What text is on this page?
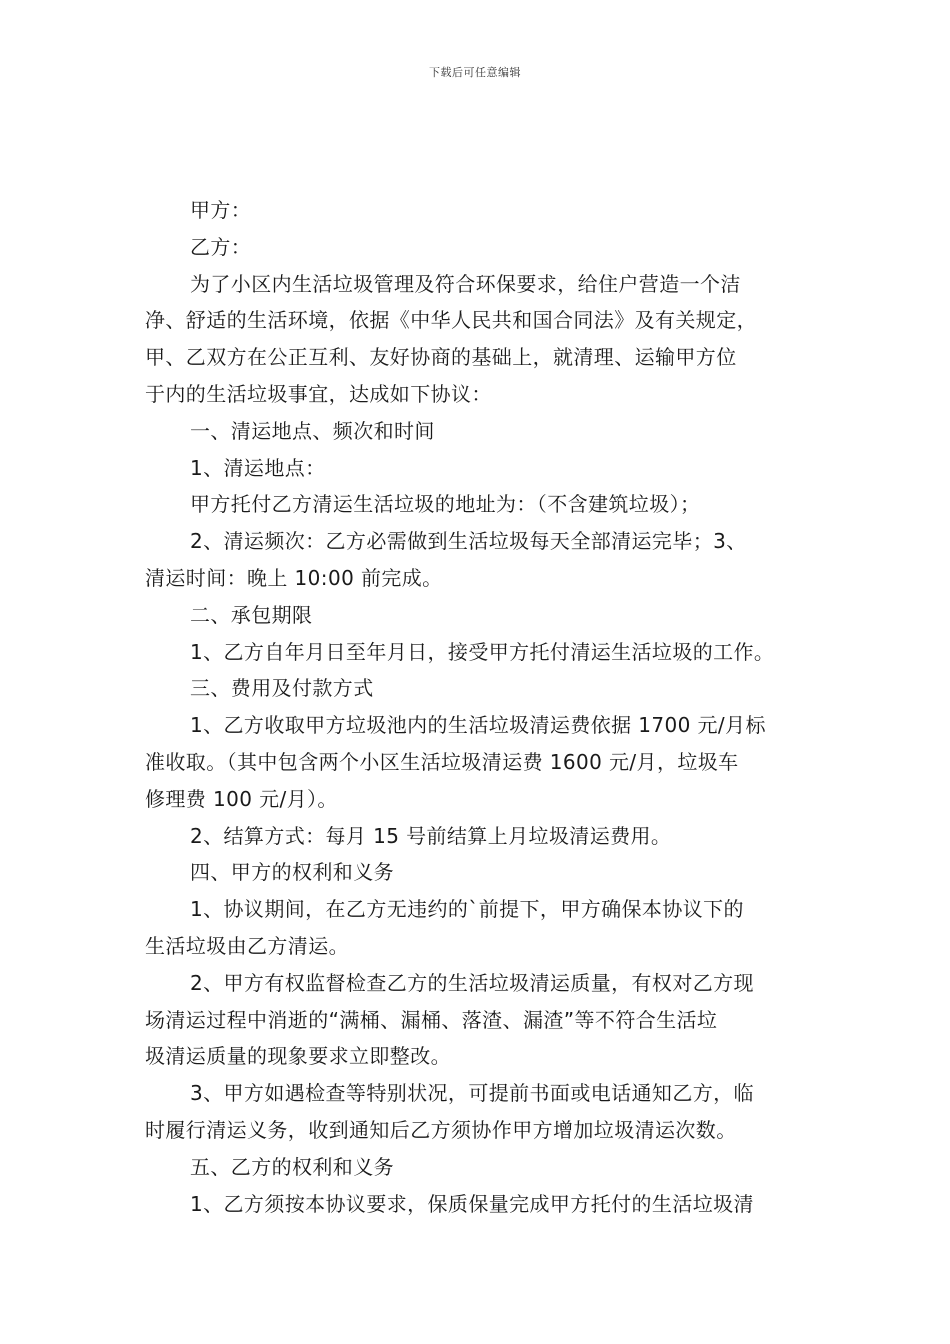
下载后可任意编辑
甲方：
乙方：
为了小区内生活垃圾管理及符合环保要求，给住户营造一个洁
净、舒适的生活环境，依据《中华人民共和国合同法》及有关规定，
甲、乙双方在公正互利、友好协商的基础上，就清理、运输甲方位
于内的生活垃圾事宜，达成如下协议：
一、清运地点、频次和时间
1、清运地点：
甲方托付乙方清运生活垃圾的地址为：（不含建筑垃圾）；
2、清运频次：乙方必需做到生活垃圾每天全部清运完毕；3、
清运时间：晚上 10:00 前完成。
二、承包期限
1、乙方自年月日至年月日，接受甲方托付清运生活垃圾的工作。
三、费用及付款方式
1、乙方收取甲方垃圾池内的生活垃圾清运费依据 1700 元/月标
准收取。（其中包含两个小区生活垃圾清运费 1600 元/月，垃圾车
修理费 100 元/月）。
2、结算方式：每月 15 号前结算上月垃圾清运费用。
四、甲方的权利和义务
1、协议期间，在乙方无违约的`前提下，甲方确保本协议下的
生活垃圾由乙方清运。
2、甲方有权监督检查乙方的生活垃圾清运质量，有权对乙方现
场清运过程中消逝的“满桶、漏桶、落渣、漏渣”等不符合生活垃
圾清运质量的现象要求立即整改。
3、甲方如遇检查等特别状况，可提前书面或电话通知乙方，临
时履行清运义务，收到通知后乙方须协作甲方增加垃圾清运次数。
五、乙方的权利和义务
1、乙方须按本协议要求，保质保量完成甲方托付的生活垃圾清
